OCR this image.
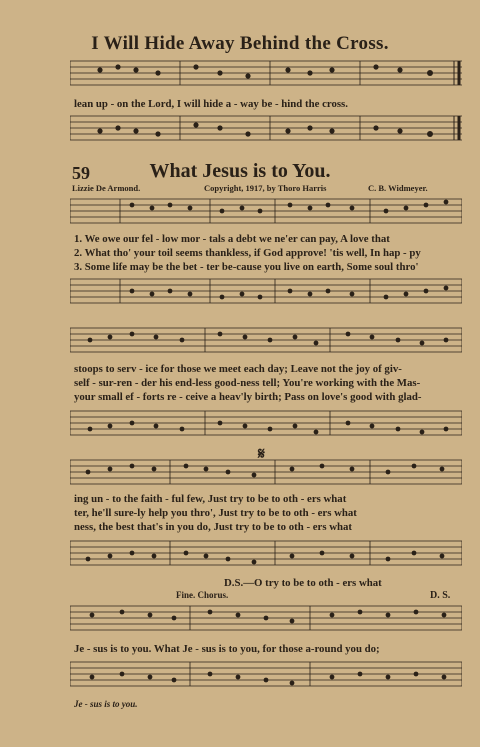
I Will Hide Away Behind the Cross.
lean up - on the Lord, I will hide a - way be - hind the cross.
59	What Jesus is to You.
Lizzie De Armond.	Copyright, 1917, by Thoro Harris	C. B. Widmeyer.
1. We owe our fel - low mor - tals a debt we ne'er can pay, A love that
2. What tho' your toil seems thankless, if God approve! 'tis well, In hap - py
3. Some life may be the bet - ter be-cause you live on earth, Some soul thro'
stoops to serv - ice for those we meet each day; Leave not the joy of giv-
self - sur-ren - der his end-less good-ness tell; You're working with the Mas-
your small ef - forts re - ceive a heav'ly birth; Pass on love's good with glad-
𝄋
ing un - to the faith - ful few, Just try to be to oth - ers what
ter, he'll sure-ly help you thro', Just try to be to oth - ers what
ness, the best that's in you do, Just try to be to oth - ers what
D.S.—O try to be to oth - ers what
Fine. Chorus.	D. S.
Je - sus is to you. What Je - sus is to you, for those a-round you do;
Je - sus is to you.
